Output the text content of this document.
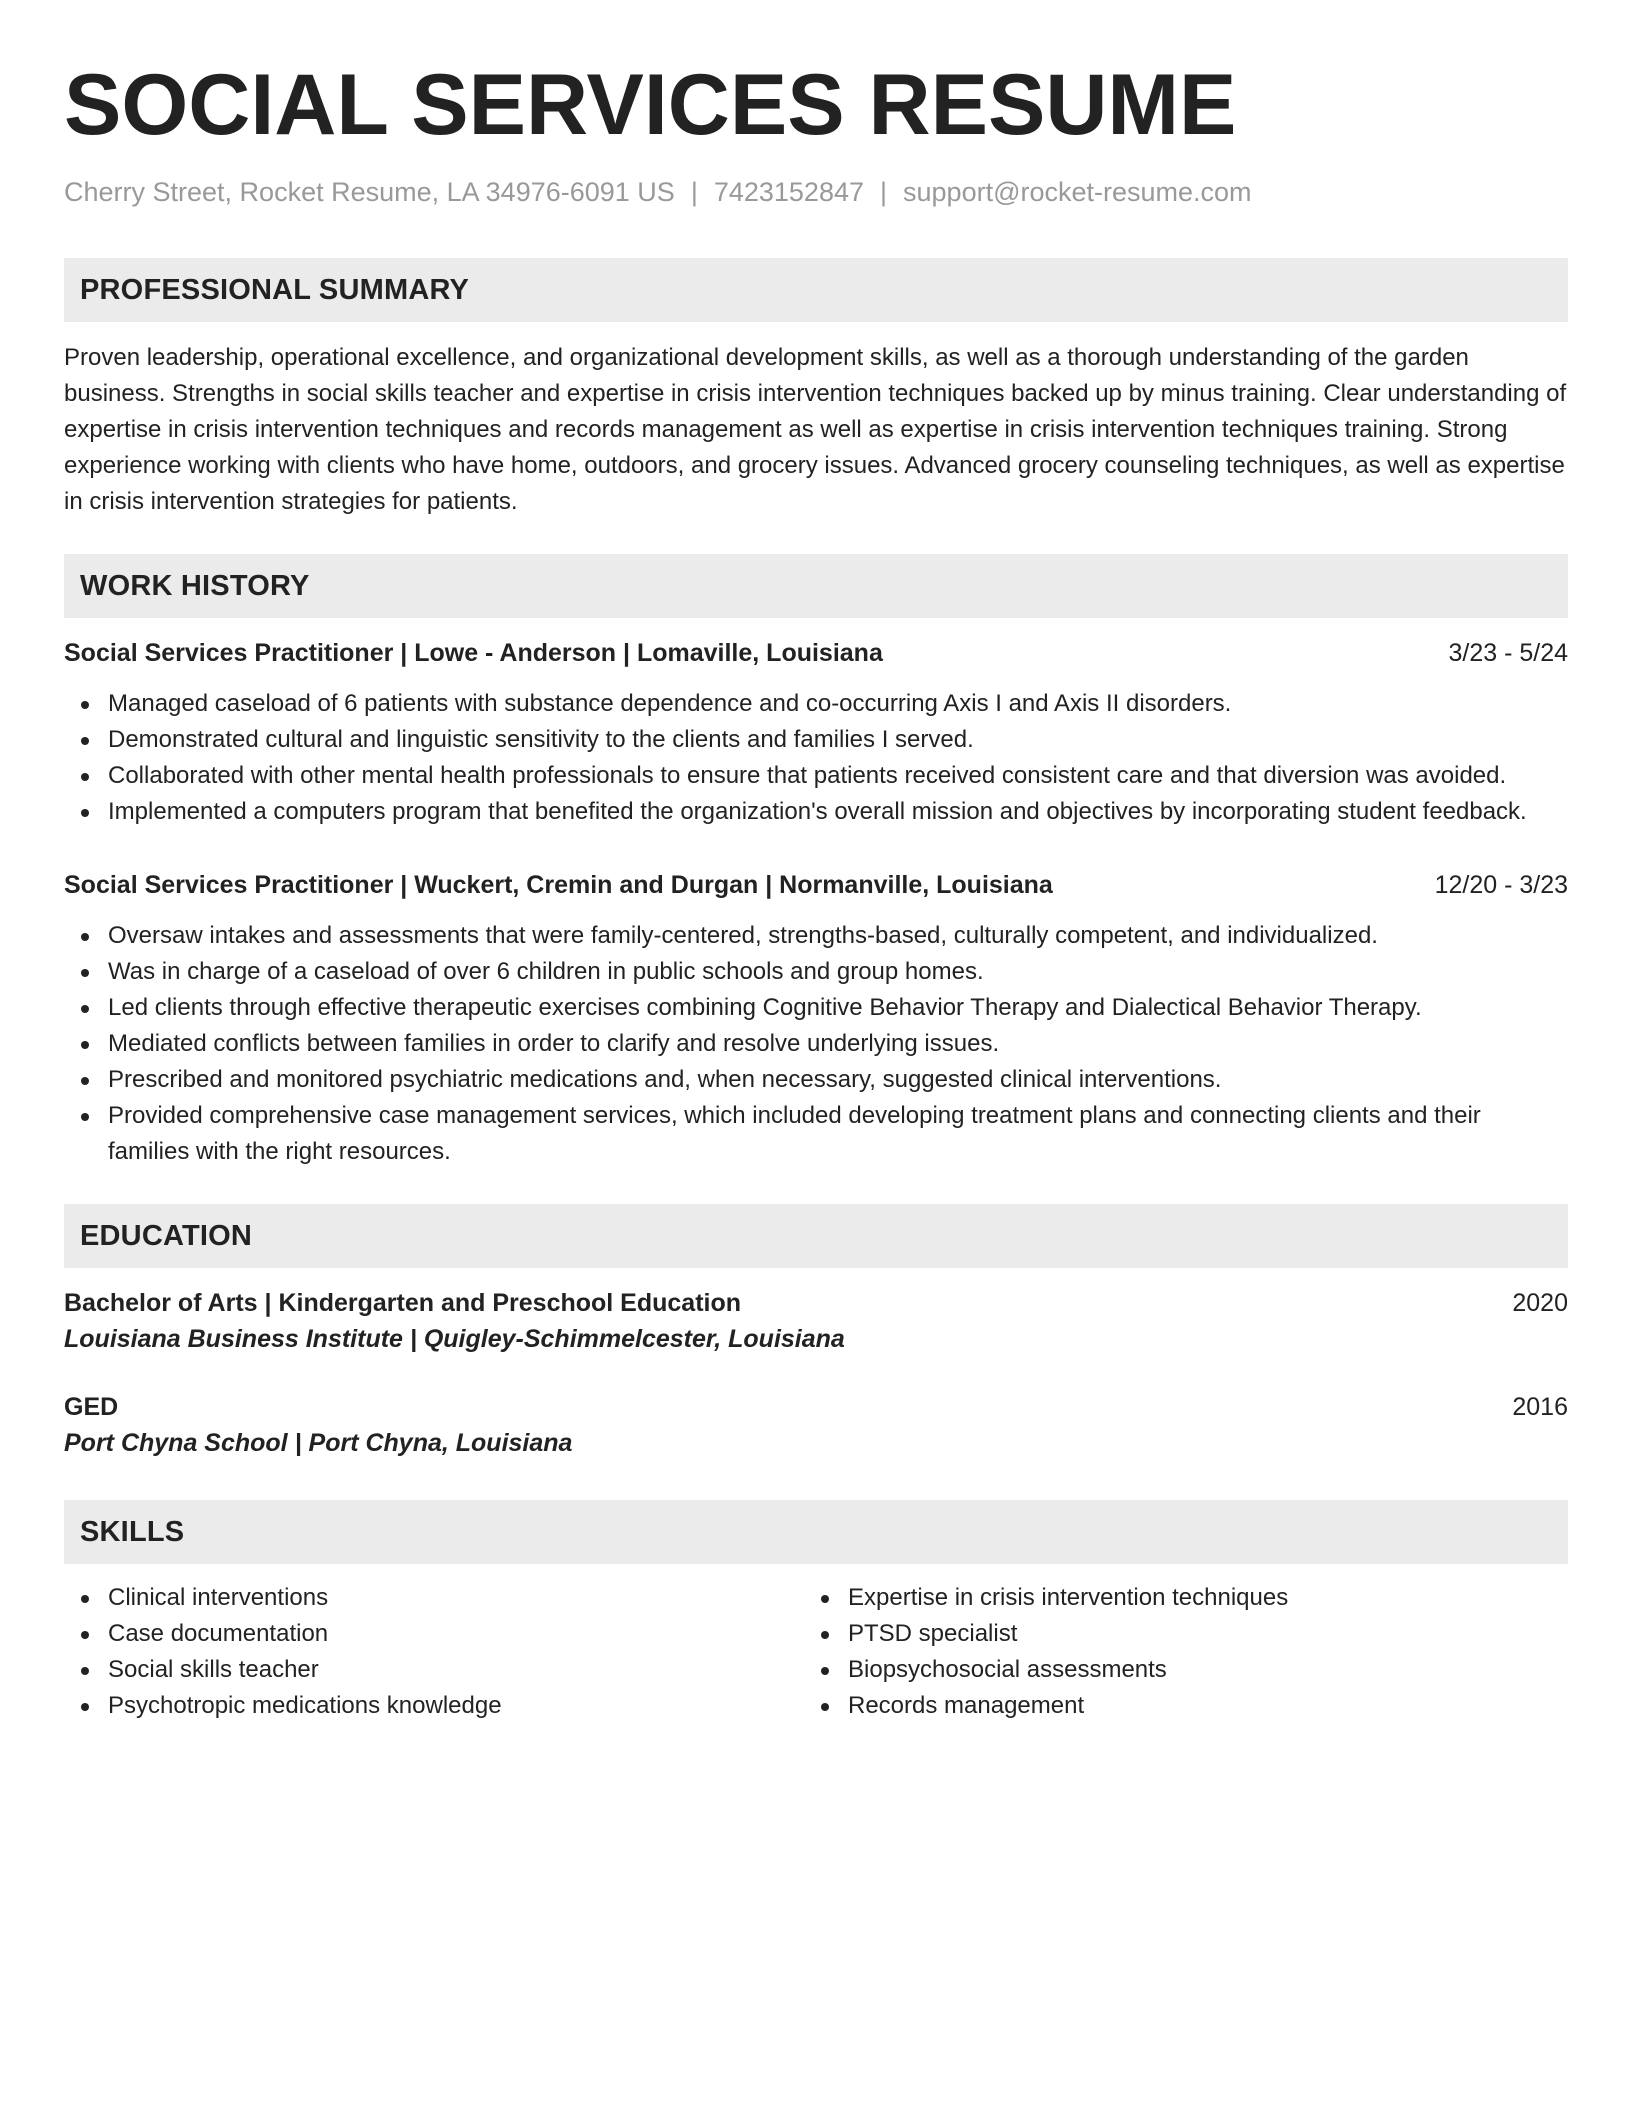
SOCIAL SERVICES RESUME
Cherry Street, Rocket Resume, LA 34976-6091 US | 7423152847 | support@rocket-resume.com
PROFESSIONAL SUMMARY

Proven leadership, operational excellence, and organizational development skills, as well as a thorough understanding of the garden business. Strengths in social skills teacher and expertise in crisis intervention techniques backed up by minus training. Clear understanding of expertise in crisis intervention techniques and records management as well as expertise in crisis intervention techniques training. Strong experience working with clients who have home, outdoors, and grocery issues. Advanced grocery counseling techniques, as well as expertise in crisis intervention strategies for patients.

WORK HISTORY
Social Services Practitioner | Lowe - Anderson | Lomaville, Louisiana	3/23 - 5/24
Managed caseload of 6 patients with substance dependence and co-occurring Axis I and Axis II disorders.
Demonstrated cultural and linguistic sensitivity to the clients and families I served.
Collaborated with other mental health professionals to ensure that patients received consistent care and that diversion was avoided.
Implemented a computers program that benefited the organization's overall mission and objectives by incorporating student feedback.
Social Services Practitioner | Wuckert, Cremin and Durgan | Normanville, Louisiana	12/20 - 3/23
Oversaw intakes and assessments that were family-centered, strengths-based, culturally competent, and individualized.
Was in charge of a caseload of over 6 children in public schools and group homes.
Led clients through effective therapeutic exercises combining Cognitive Behavior Therapy and Dialectical Behavior Therapy.
Mediated conflicts between families in order to clarify and resolve underlying issues.
Prescribed and monitored psychiatric medications and, when necessary, suggested clinical interventions.
Provided comprehensive case management services, which included developing treatment plans and connecting clients and their families with the right resources.
EDUCATION
Bachelor of Arts | Kindergarten and Preschool Education	2020
Louisiana Business Institute | Quigley-Schimmelcester, Louisiana
GED	2016
Port Chyna School | Port Chyna, Louisiana
SKILLS
Clinical interventions
Case documentation
Social skills teacher
Psychotropic medications knowledge
Expertise in crisis intervention techniques
PTSD specialist
Biopsychosocial assessments
Records management
